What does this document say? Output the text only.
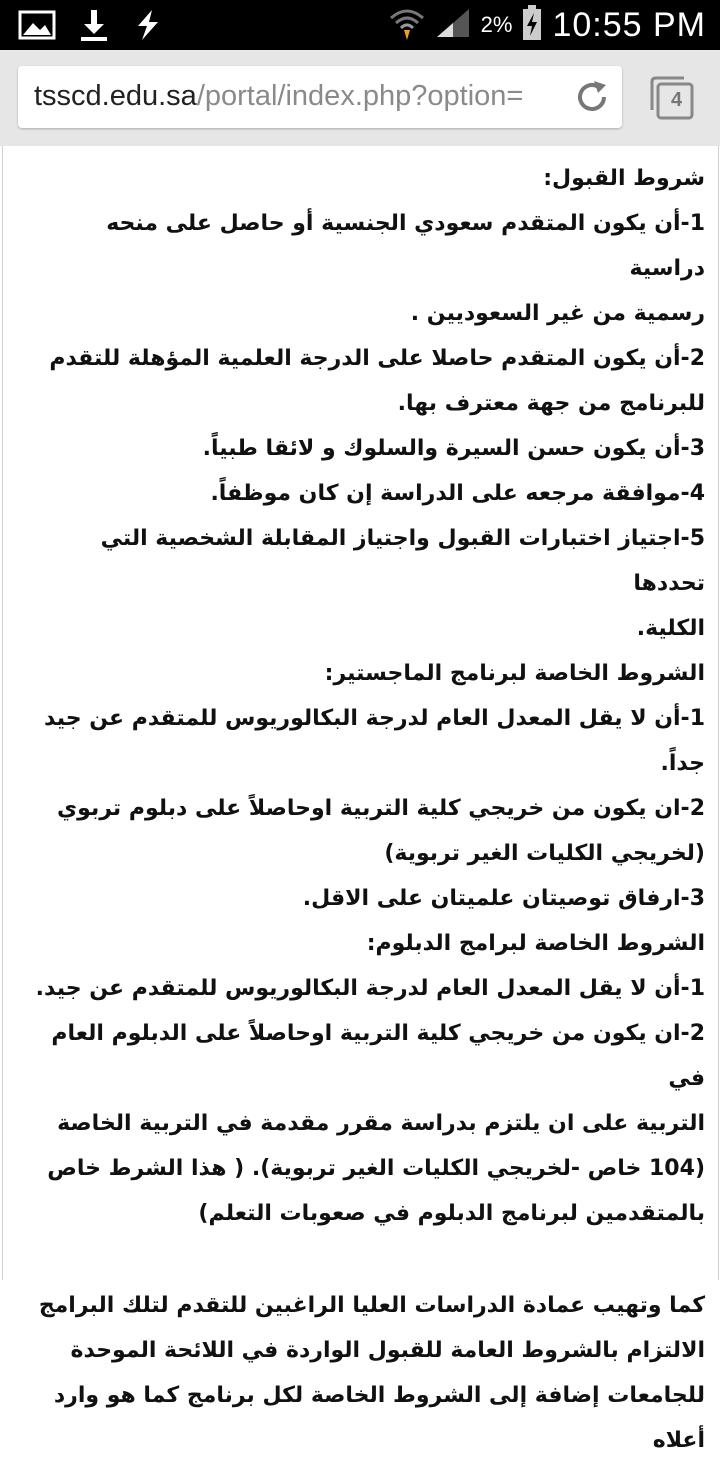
2% 10:55 PM
tsscd.edu.sa/portal/index.php?option=	4

شروط القبول:

1-أن يكون المتقدم سعودي الجنسية أو حاصل على منحه دراسية

رسمية من غير السعوديين .

2-أن يكون المتقدم حاصلا على الدرجة العلمية المؤهلة للتقدم

للبرنامج من جهة معترف بها.

3-أن يكون حسن السيرة والسلوك و لائقا طبياً.

4-موافقة مرجعه على الدراسة إن كان موظفاً.

5-اجتياز اختبارات القبول واجتياز المقابلة الشخصية التي تحددها

الكلية.

الشروط الخاصة لبرنامج الماجستير:

1-أن لا يقل المعدل العام لدرجة البكالوريوس للمتقدم عن جيد جداً.

2-ان يكون من خريجي كلية التربية اوحاصلاً على دبلوم تربوي

(لخريجي الكليات الغير تربوية)

3-ارفاق توصيتان علميتان على الاقل.

الشروط الخاصة لبرامج الدبلوم:

1-أن لا يقل المعدل العام لدرجة البكالوريوس للمتقدم عن جيد.

2-ان يكون من خريجي كلية التربية اوحاصلاً على الدبلوم العام في

التربية على ان يلتزم بدراسة مقرر مقدمة في التربية الخاصة

(104 خاص -لخريجي الكليات الغير تربوية). ( هذا الشرط خاص

بالمتقدمين لبرنامج الدبلوم في صعوبات التعلم)

كما وتهيب عمادة الدراسات العليا الراغبين للتقدم لتلك البرامج

الالتزام بالشروط العامة للقبول الواردة في اللائحة الموحدة

للجامعات إضافة إلى الشروط الخاصة لكل برنامج كما هو وارد أعلاه
